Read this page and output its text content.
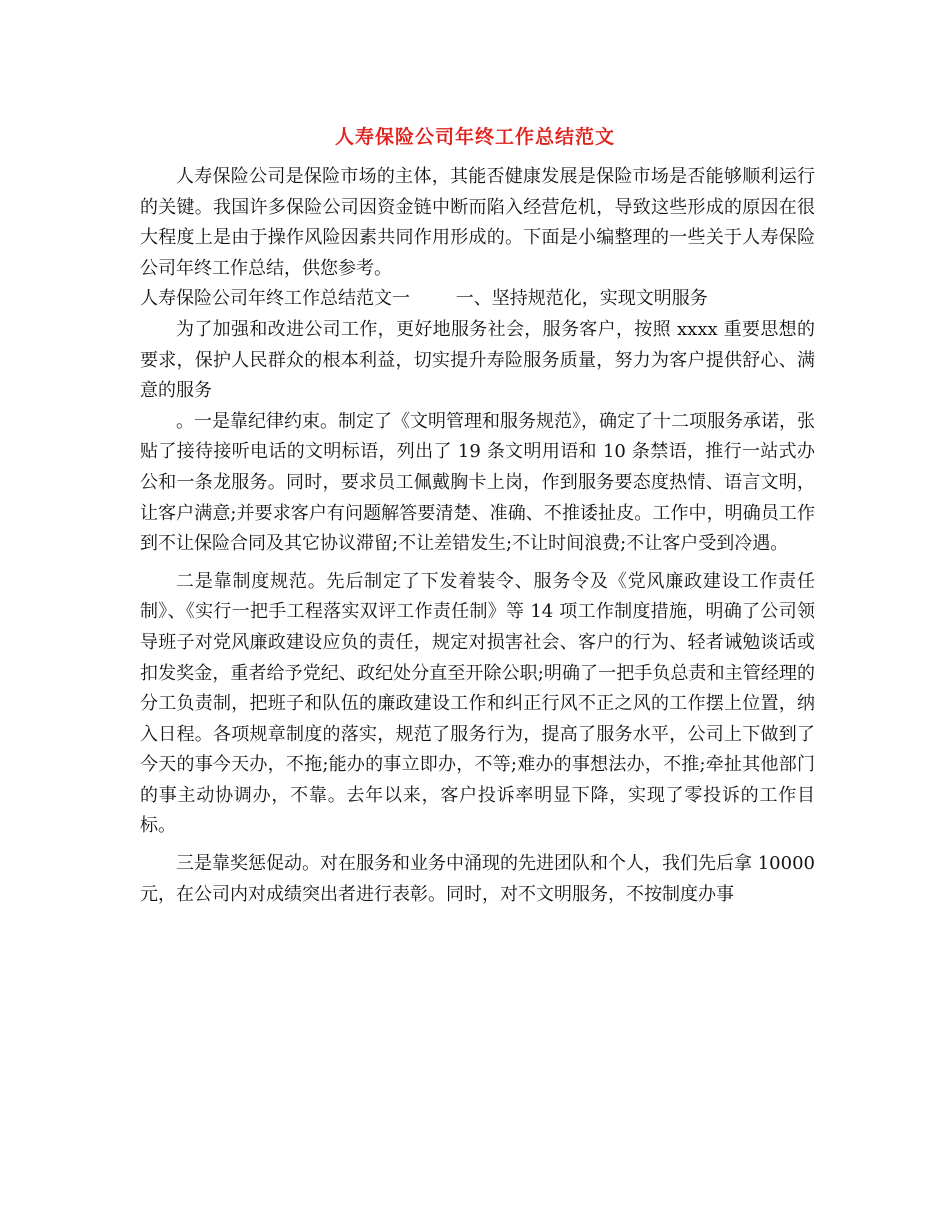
人寿保险公司年终工作总结范文

人寿保险公司是保险市场的主体，其能否健康发展是保险市场是否能够顺利运行的关键。我国许多保险公司因资金链中断而陷入经营危机，导致这些形成的原因在很大程度上是由于操作风险因素共同作用形成的。下面是小编整理的一些关于人寿保险公司年终工作总结，供您参考。

人寿保险公司年终工作总结范文一        一、坚持规范化，实现文明服务

为了加强和改进公司工作，更好地服务社会，服务客户，按照 xxxx 重要思想的要求，保护人民群众的根本利益，切实提升寿险服务质量，努力为客户提供舒心、满意的服务

。一是靠纪律约束。制定了《文明管理和服务规范》，确定了十二项服务承诺，张贴了接待接听电话的文明标语，列出了 19 条文明用语和 10 条禁语，推行一站式办公和一条龙服务。同时，要求员工佩戴胸卡上岗，作到服务要态度热情、语言文明，让客户满意;并要求客户有问题解答要清楚、准确、不推诿扯皮。工作中，明确员工作到不让保险合同及其它协议滞留;不让差错发生;不让时间浪费;不让客户受到冷遇。

二是靠制度规范。先后制定了下发着装令、服务令及《党风廉政建设工作责任制》、《实行一把手工程落实双评工作责任制》等 14 项工作制度措施，明确了公司领导班子对党风廉政建设应负的责任，规定对损害社会、客户的行为、轻者诫勉谈话或扣发奖金，重者给予党纪、政纪处分直至开除公职;明确了一把手负总责和主管经理的分工负责制，把班子和队伍的廉政建设工作和纠正行风不正之风的工作摆上位置，纳入日程。各项规章制度的落实，规范了服务行为，提高了服务水平，公司上下做到了今天的事今天办，不拖;能办的事立即办，不等;难办的事想法办，不推;牵扯其他部门的事主动协调办，不靠。去年以来，客户投诉率明显下降，实现了零投诉的工作目标。

三是靠奖惩促动。对在服务和业务中涌现的先进团队和个人，我们先后拿 10000 元，在公司内对成绩突出者进行表彰。同时，对不文明服务，不按制度办事
